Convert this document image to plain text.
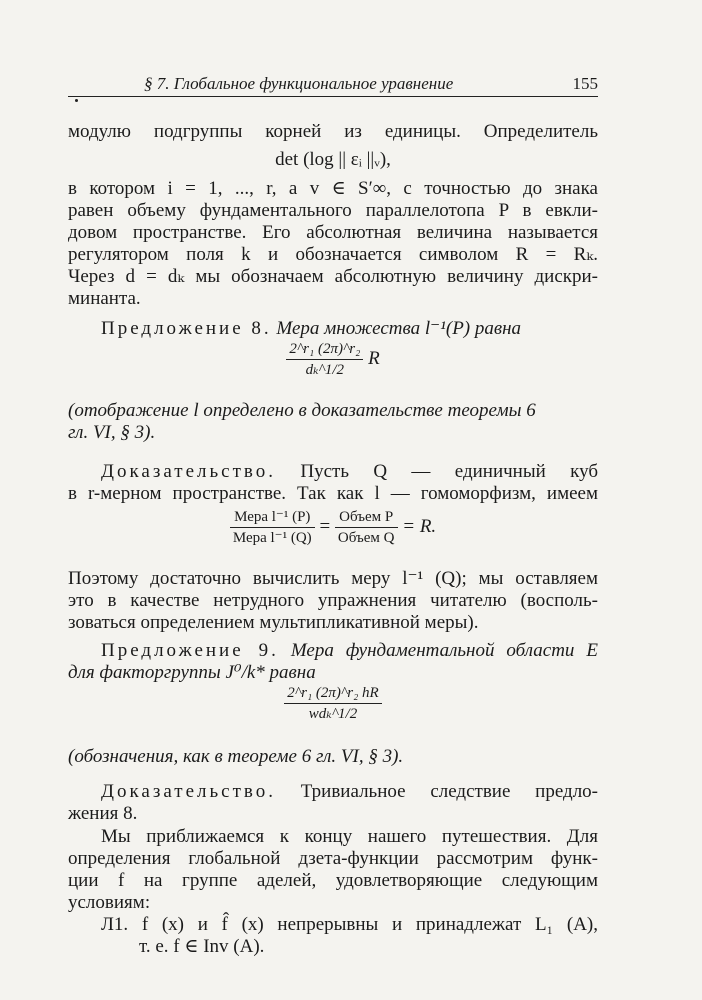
§ 7. Глобальное функциональное уравнение	155
модулю подгруппы корней из единицы. Определитель
det (log || εᵢ ||ᵥ),
в котором i = 1, ..., r, а v ∈ S′∞, с точностью до знака
равен объему фундаментального параллелотопа P в евкли-
довом пространстве. Его абсолютная величина называется
регулятором поля k и обозначается символом R = Rₖ.
Через d = dₖ мы обозначаем абсолютную величину дискри-
минанта.
Предложение 8. Мера множества l⁻¹(P) равна
$\frac{\text{2\textasciicircum{}r₁ (2π)\textasciicircum{}r₂}}{\text{dₖ\textasciicircum{}1/2}}$ R
(отображение l определено в доказательстве теоремы 6
гл. VI, § 3).
Доказательство. Пусть Q — единичный куб
в r-мерном пространстве. Так как l — гомоморфизм, имеем
$\frac{\text{Мера l⁻¹ (P)}}{\text{Мера l⁻¹ (Q)}} = \frac{\text{Объем P}}{\text{Объем Q}} = R$.
Поэтому достаточно вычислить меру l⁻¹ (Q); мы оставляем
это в качестве нетрудного упражнения читателю (восполь-
зоваться определением мультипликативной меры).
Предложение 9. Мера фундаментальной области E
для факторгруппы J⁰/k* равна
$\frac{\text{2\textasciicircum{}r₁ (2π)\textasciicircum{}r₂ hR}}{\text{wdₖ\textasciicircum{}1/2}}$
(обозначения, как в теореме 6 гл. VI, § 3).
Доказательство. Тривиальное следствие предло-
жения 8.
Мы приближаемся к концу нашего путешествия. Для
определения глобальной дзета-функции рассмотрим функ-
ции f на группе аделей, удовлетворяющие следующим
условиям:
Л1. f (x) и f̂ (x) непрерывны и принадлежат L₁ (A),
т. е. f ∈ Inv (A).
